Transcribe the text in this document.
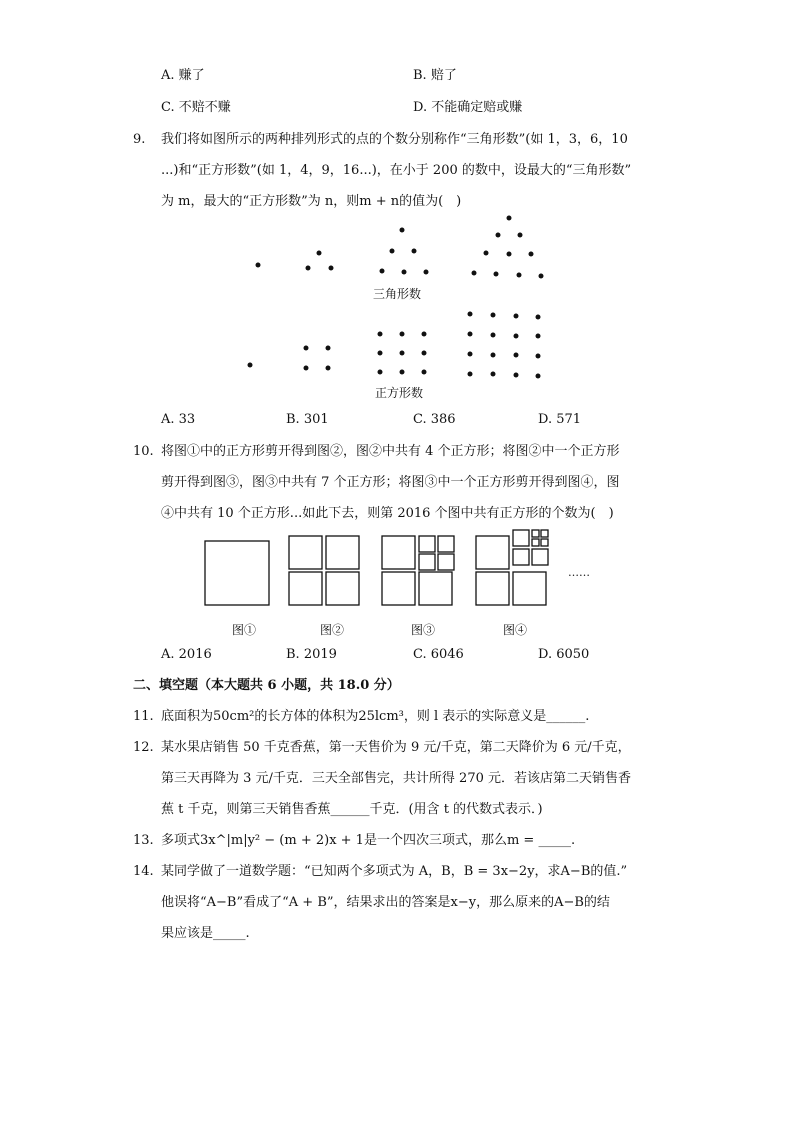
A. 赚了	B. 赔了
C. 不赔不赚	D. 不能确定赔或赚
9. 我们将如图所示的两种排列形式的点的个数分别称作“三角形数”(如 1，3，6，10
...)和“正方形数”(如 1，4，9，16...)，在小于 200 的数中，设最大的“三角形数”
为 m，最大的“正方形数”为 n，则m + n的值为(　)
三角形数
正方形数
A. 33	B. 301	C. 386	D. 571
10. 将图①中的正方形剪开得到图②，图②中共有 4 个正方形；将图②中一个正方形
剪开得到图③，图③中共有 7 个正方形；将图③中一个正方形剪开得到图④，图
④中共有 10 个正方形...如此下去，则第 2016 个图中共有正方形的个数为(　)
……
图①	图②	图③	图④
A. 2016	B. 2019	C. 6046	D. 6050
二、填空题（本大题共 6 小题，共 18.0 分）
11. 底面积为50cm²的长方体的体积为25lcm³，则 l 表示的实际意义是______.
12. 某水果店销售 50 千克香蕉，第一天售价为 9 元/千克，第二天降价为 6 元/千克，
第三天再降为 3 元/千克．三天全部售完，共计所得 270 元．若该店第二天销售香
蕉 t 千克，则第三天销售香蕉______千克．(用含 t 的代数式表示．)
13. 多项式3x^|m|y² − (m + 2)x + 1是一个四次三项式，那么m = _____.
14. 某同学做了一道数学题：“已知两个多项式为 A，B，B = 3x−2y，求A−B的值.”
他误将“A−B”看成了“A + B”，结果求出的答案是x−y，那么原来的A−B的结
果应该是_____.
